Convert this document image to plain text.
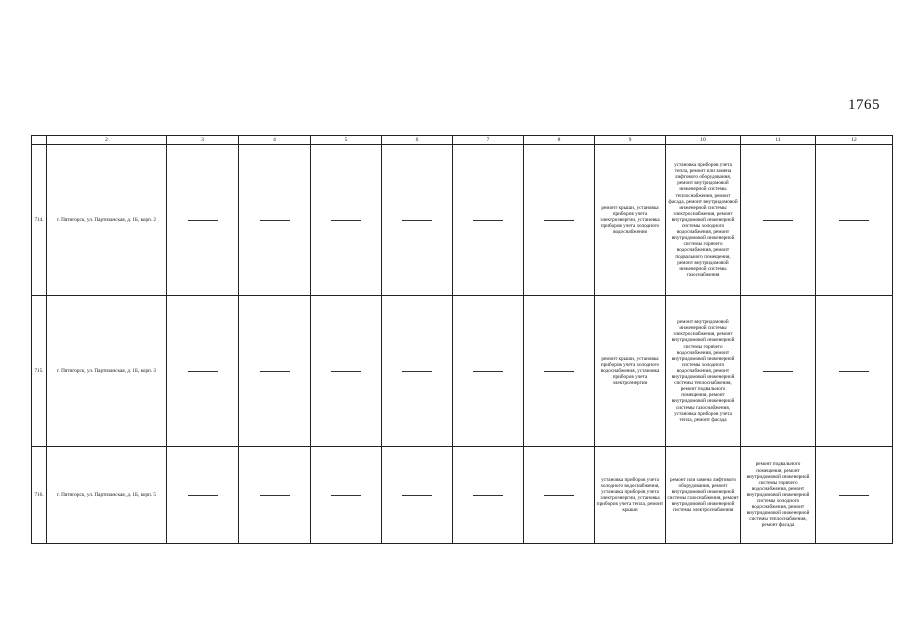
1765
	2	3	4	5	6	7	8	9	10	11	12
714.	г. Пятигорск, ул. Партизанская, д. 1Б, корп. 2							ремонт крыши, установка приборов учета электроэнергии, установка приборов учета холодного водоснабжения	установка приборов учета тепла, ремонт или замена лифтового оборудования, ремонт внутридомовой инженерной системы теплоснабжения, ремонт фасада, ремонт внутридомовой инженерной системы электроснабжения, ремонт внутридомовой инженерной системы холодного водоснабжения, ремонт внутридомовой инженерной системы горячего водоснабжения, ремонт подвального помещения, ремонт внутридомовой инженерной системы газоснабжения	

715.	г. Пятигорск, ул. Партизанская, д. 1Б, корп. 3							ремонт крыши, установка приборов учета холодного водоснабжения, установка приборов учета электроэнергии	ремонт внутридомовой инженерной системы электроснабжения, ремонт внутридомовой инженерной системы горячего водоснабжения, ремонт внутридомовой инженерной системы холодного водоснабжения, ремонт внутридомовой инженерной системы теплоснабжения, ремонт подвального помещения, ремонт внутридомовой инженерной системы газоснабжения, установка приборов учета тепла, ремонт фасада	

716.	г. Пятигорск, ул. Партизанская, д. 1Б, корп. 5							установка приборов учета холодного водоснабжения, установка приборов учета электроэнергии, установка приборов учета тепла, ремонт крыши	ремонт или замена лифтового оборудования, ремонт внутридомовой инженерной системы газоснабжения, ремонт внутридомовой инженерной системы электроснабжения	ремонт подвального помещения, ремонт внутридомовой инженерной системы горячего водоснабжения, ремонт внутридомовой инженерной системы холодного водоснабжения, ремонт внутридомовой инженерной системы теплоснабжения, ремонт фасада	
